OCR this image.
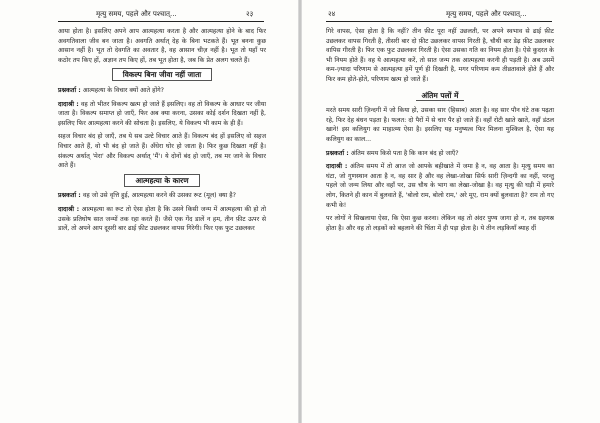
मृत्यु समय, पहले और पश्चात्...	२३

आया होता है। इसलिए अपने आप आत्महत्या करता है और आत्महत्या होने के बाद फिर अवगतिवाला जीव बन जाता है। अवगति अर्थात् देह के बिना भटकते हैं। भूत बनना कुछ आसान नहीं है। भूत तो देवगति का अवतार है, वह आसान चीज़ नहीं है। भूत तो यहाँ पर कठोर तप किए हों, अज्ञान तप किए हों, तब भूत होता है, जब कि प्रेत अलग चलते हैं।

विकल्प बिना जीवा नहीं जाता

प्रश्नकर्ता : आत्महत्या के विचार क्यों आते होंगे?

दादाश्री : वह तो भीतर विकल्प खत्म हो जाते हैं इसलिए। वह तो विकल्प के आधार पर जीया जाता है। विकल्प समाप्त हो जाएँ, फिर अब क्या करना, उसका कोई दर्शन दिखता नहीं है, इसलिए फिर आत्महत्या करने की सोचता है। इसलिए, ये विकल्प भी काम के ही हैं।

सहज विचार बंद हो जाएँ, तब ये सब उल्टे विचार आते हैं। विकल्प बंद हों इसलिए वो सहज विचार आते हैं, वो भी बंद हो जाते हैं। अँधेरा घोर हो जाता है। फिर कुछ दिखता नहीं है। संकल्प अर्थात् 'मेरा' और विकल्प अर्थात् 'मैं'। ये दोनों बंद हो जाएँ, तब मर जाने के विचार आते हैं।

आत्महत्या के कारण

प्रश्नकर्ता : वह जो उसे वृत्ति हुई, आत्महत्या करने की उसका रूट (मूल) क्या है?

दादाश्री : आत्महत्या का रूट तो ऐसा होता है कि उसने किसी जन्म में आत्महत्या की हो तो उसके प्रतिघोष सात जन्मों तक रहा करते हैं। जैसे एक गेंद डालें न हम, तीन फ़ीट ऊपर से डालें, तो अपने आप दूसरी बार ढाई फ़ीट उछलकर वापस गिरेगी। फिर एक फुट उछलकर

२४	मृत्यु समय, पहले और पश्चात्...

गिरे वापस, ऐसा होता है कि नहीं? तीन फ़ीट पूरा नहीं उछलती, पर अपने स्वभाव से ढाई फ़ीट उछलकर वापस गिरती है, तीसरी बार दो फ़ीट उछलकर वापस गिरती है, चौथी बार डेढ़ फ़ीट उछलकर वापिस गीरती है। फिर एक फुट उछलकर गिरती है। ऐसा उसका गति का नियम होता है। ऐसे कुदरत के भी नियम होते हैं। वह ये आत्महत्या करें, तो सात जन्म तक आत्महत्या करनी ही पड़ती है। अब उसमें कम-ज़्यादा परिणाम से आत्महत्या हमें पूर्ण ही दिखती है, मगर परिणाम कम तीव्रतावाले होते हैं और फिर कम होते-होते, परिणाम खत्म हो जाते हैं।

अंतिम पलों में

मरते समय सारी ज़िन्दगी में जो किया हो, उसका सार (हिसाब) आता है। वह सार पौन घंटे तक पढ़ता रहे, फिर देह बंधन पड़ता है। फलत: दो पैरों में से चार पैर हो जाते हैं। वहाँ रोटी खाते खाते, वहाँ डंठल खाने! इस कलियुग का माहात्म्य ऐसा है। इसलिए यह मनुष्यत्व फिर मिलना मुश्किल है, ऐसा यह कलियुग का काल...

प्रश्नकर्ता : अंतिम समय किसे पता है कि कान बंद हो जाएँ?

दादाश्री : अंतिम समय में तो आज जो आपके बहीखाते में जमा है न, वह आता है। मृत्यु समय का घंटा, जो गुणस्थान आता है न, वह सार है और वह लेखा-जोखा सिर्फ सारी ज़िन्दगी का नहीं, परन्तु पहले जो जन्म लिया और वहाँ पर, उस चौथ के भाग का लेखा-जोखा है। वह मृत्यु की घड़ी में हमारे लोग, कितने ही कान में बुलवाते हैं, 'बोलो राम, बोलो राम,' अरे मूए, राम क्यों बुलवाता है? राम तो गए कभी के!

पर लोगों ने सिखलाया ऐसा, कि ऐसा कुछ करना। लेकिन वह तो अंदर पुण्य जागा हो न, तब ग्रहणस्र होता है। और वह तो लड़कों को बहलाने की चिंता में ही पड़ा होता है। ये तीन लड़कियाँ ब्याह दीं
